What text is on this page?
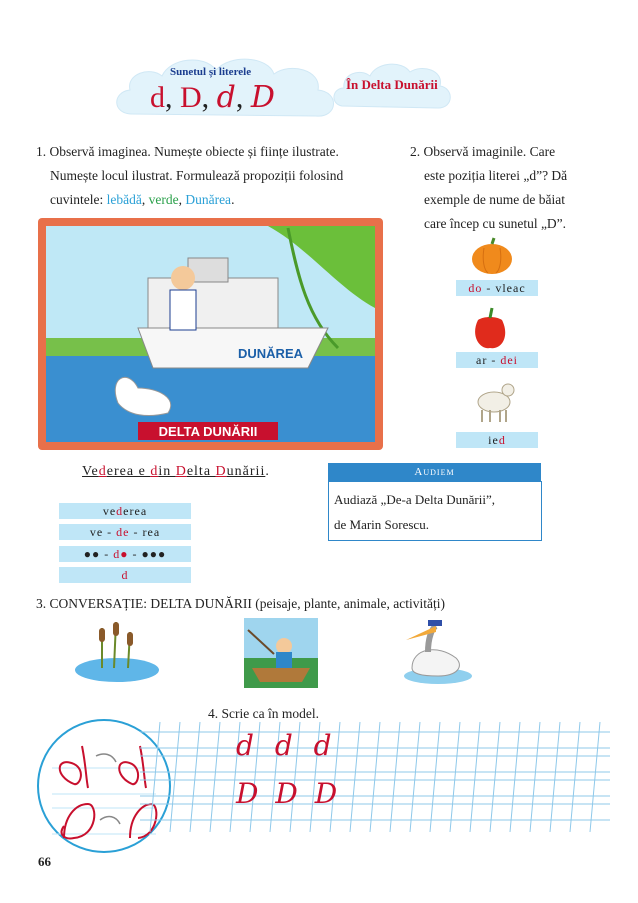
Sunetul și literele
d, D, d, D	În Delta Dunării
1. Observă imaginea. Numește obiecte și ființe ilustrate.
Numește locul ilustrat. Formulează propoziții folosind
cuvintele: lebădă, verde, Dunărea.
DUNĂREA
DELTA DUNĂRII
2. Observă imaginile. Care
este poziția literei „d”? Dă
exemple de nume de băiat
care încep cu sunetul „D”.
do - vleac
ar - dei
ied
Vederea e din Delta Dunării.
vederea
ve - de - rea
●● - d● - ●●●
d
Audiem
Audiază „De-a Delta Dunării”,
de Marin Sorescu.
3. CONVERSAȚIE: DELTA DUNĂRII (peisaje, plante, animale, activități)
4. Scrie ca în model.
d d d
D D D
66
